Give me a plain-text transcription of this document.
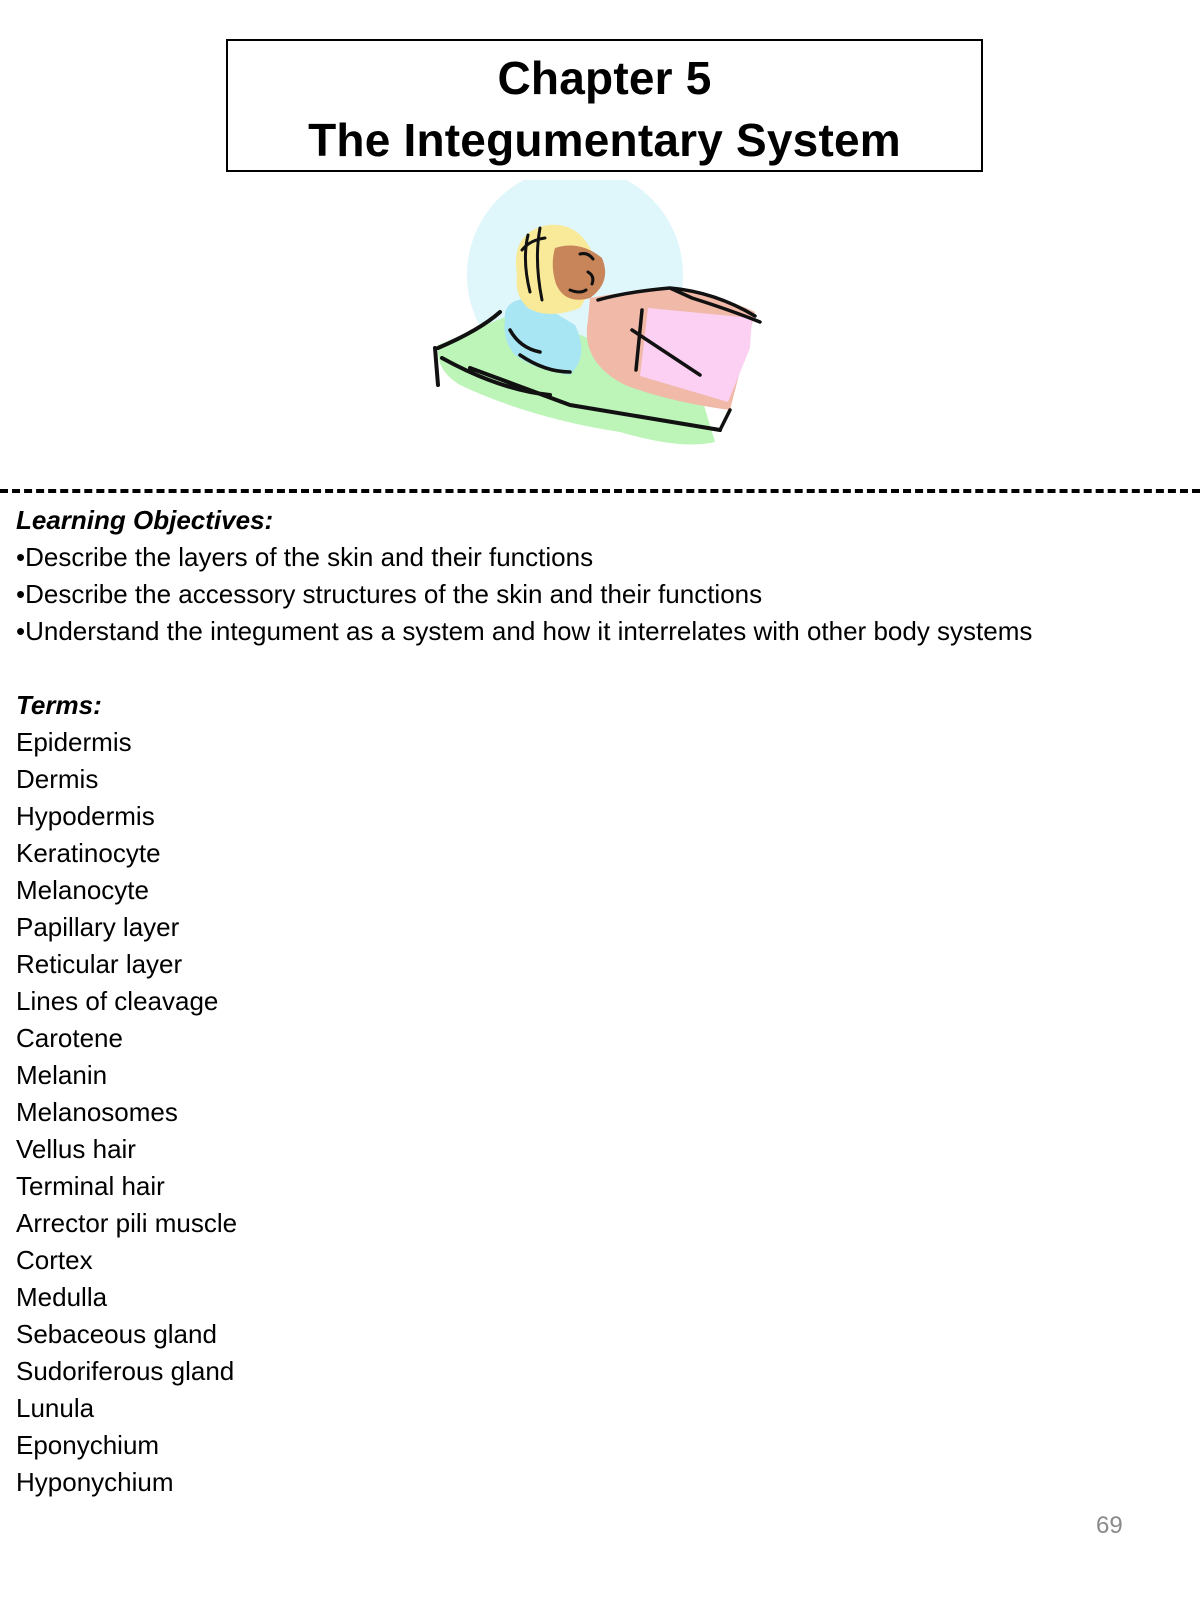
Chapter 5
The Integumentary System
Learning Objectives:
•Describe the layers of the skin and their functions
•Describe the accessory structures of the skin and their functions
•Understand the integument as a system and how it interrelates with other body systems
Terms:
Epidermis
Dermis
Hypodermis
Keratinocyte
Melanocyte
Papillary layer
Reticular layer
Lines of cleavage
Carotene
Melanin
Melanosomes
Vellus hair
Terminal hair
Arrector pili muscle
Cortex
Medulla
Sebaceous gland
Sudoriferous gland
Lunula
Eponychium
Hyponychium
69
